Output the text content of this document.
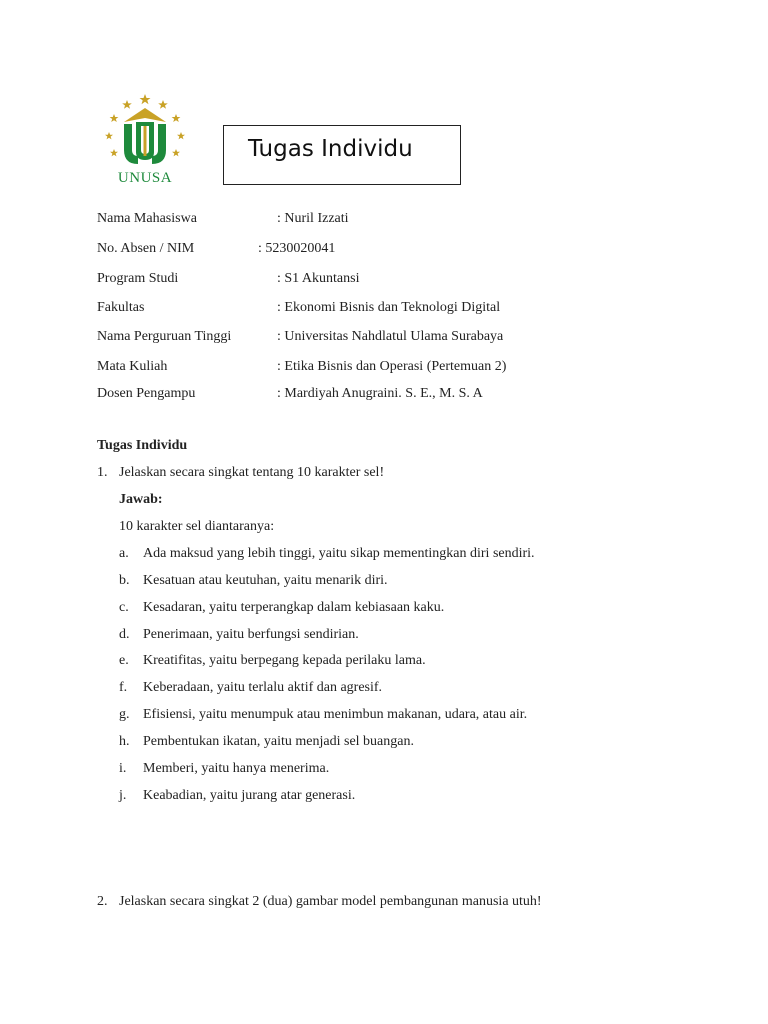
UNUSA
Tugas Individu
Nama Mahasiswa	: Nuril Izzati
No. Absen / NIM	: 5230020041
Program Studi	: S1 Akuntansi
Fakultas	: Ekonomi Bisnis dan Teknologi Digital
Nama Perguruan Tinggi	: Universitas Nahdlatul Ulama Surabaya
Mata Kuliah	: Etika Bisnis dan Operasi (Pertemuan 2)
Dosen Pengampu	: Mardiyah Anugraini. S. E., M. S. A
Tugas Individu
1. Jelaskan secara singkat tentang 10 karakter sel!
Jawab:
10 karakter sel diantaranya:
a. Ada maksud yang lebih tinggi, yaitu sikap mementingkan diri sendiri.
b. Kesatuan atau keutuhan, yaitu menarik diri.
c. Kesadaran, yaitu terperangkap dalam kebiasaan kaku.
d. Penerimaan, yaitu berfungsi sendirian.
e. Kreatifitas, yaitu berpegang kepada perilaku lama.
f. Keberadaan, yaitu terlalu aktif dan agresif.
g. Efisiensi, yaitu menumpuk atau menimbun makanan, udara, atau air.
h. Pembentukan ikatan, yaitu menjadi sel buangan.
i. Memberi, yaitu hanya menerima.
j. Keabadian, yaitu jurang atar generasi.
2. Jelaskan secara singkat 2 (dua) gambar model pembangunan manusia utuh!
